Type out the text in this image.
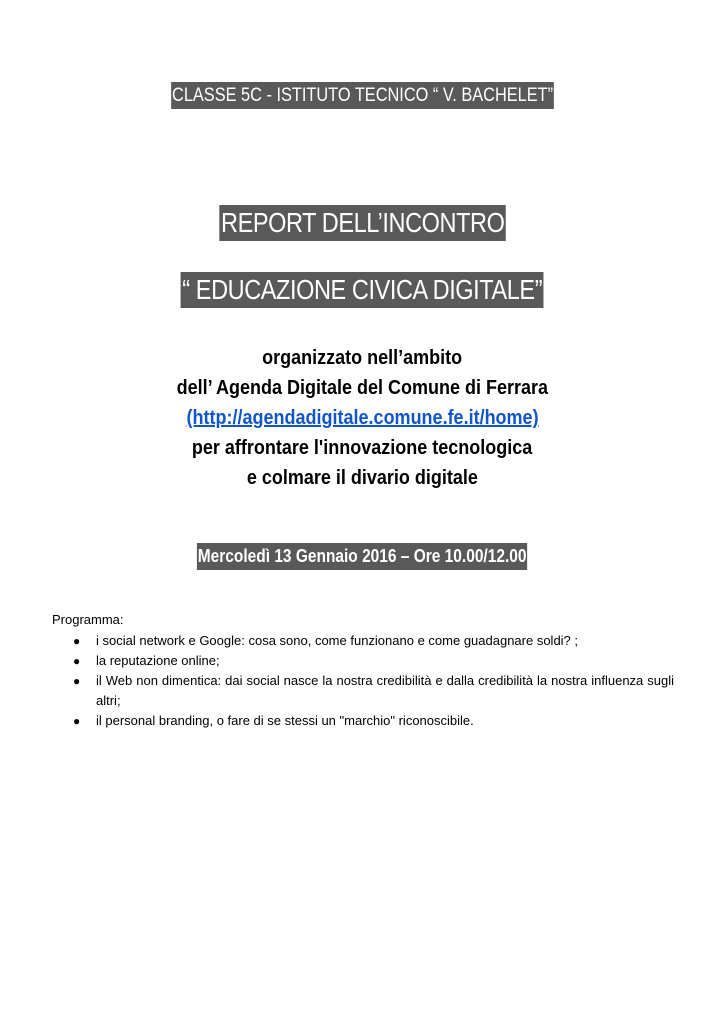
CLASSE 5C - ISTITUTO TECNICO “ V. BACHELET”
REPORT DELL’INCONTRO
“ EDUCAZIONE CIVICA DIGITALE”
organizzato nell’ambito
dell’ Agenda Digitale del Comune di Ferrara
(http://agendadigitale.comune.fe.it/home)
per affrontare l'innovazione tecnologica
e colmare il divario digitale
Mercoledì 13 Gennaio 2016 – Ore 10.00/12.00
Programma:
● i social network e Google: cosa sono, come funzionano e come guadagnare soldi? ;
● la reputazione online;
● il Web non dimentica: dai social nasce la nostra credibilità e dalla credibilità la nostra influenza sugli altri;
● il personal branding, o fare di se stessi un "marchio" riconoscibile.
